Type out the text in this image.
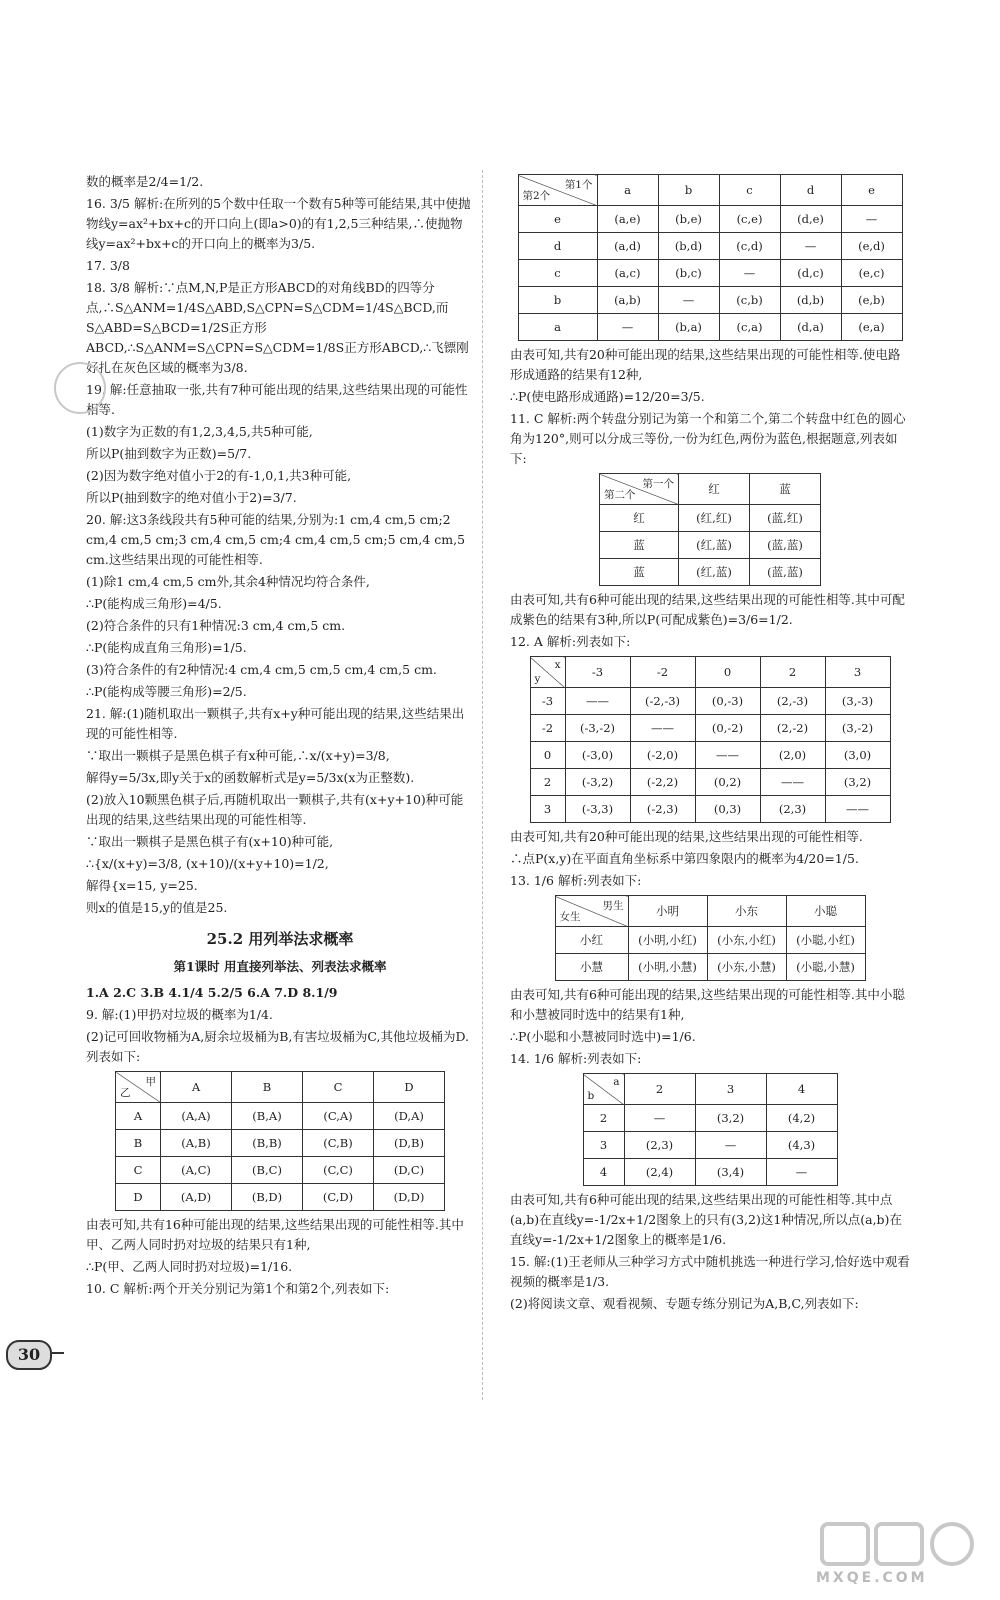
数的概率是2/4=1/2.

16. 3/5 解析:在所列的5个数中任取一个数有5种等可能结果,其中使抛物线y=ax²+bx+c的开口向上(即a>0)的有1,2,5三种结果,∴使抛物线y=ax²+bx+c的开口向上的概率为3/5.

17. 3/8

18. 3/8 解析:∵点M,N,P是正方形ABCD的对角线BD的四等分点,∴S△ANM=1/4S△ABD,S△CPN=S△CDM=1/4S△BCD,而S△ABD=S△BCD=1/2S正方形ABCD,∴S△ANM=S△CPN=S△CDM=1/8S正方形ABCD,∴飞镖刚好扎在灰色区域的概率为3/8.

19. 解:任意抽取一张,共有7种可能出现的结果,这些结果出现的可能性相等.

(1)数字为正数的有1,2,3,4,5,共5种可能,

所以P(抽到数字为正数)=5/7.

(2)因为数字绝对值小于2的有-1,0,1,共3种可能,

所以P(抽到数字的绝对值小于2)=3/7.

20. 解:这3条线段共有5种可能的结果,分别为:1 cm,4 cm,5 cm;2 cm,4 cm,5 cm;3 cm,4 cm,5 cm;4 cm,4 cm,5 cm;5 cm,4 cm,5 cm.这些结果出现的可能性相等.

(1)除1 cm,4 cm,5 cm外,其余4种情况均符合条件,

∴P(能构成三角形)=4/5.

(2)符合条件的只有1种情况:3 cm,4 cm,5 cm.

∴P(能构成直角三角形)=1/5.

(3)符合条件的有2种情况:4 cm,4 cm,5 cm,5 cm,4 cm,5 cm.

∴P(能构成等腰三角形)=2/5.

21. 解:(1)随机取出一颗棋子,共有x+y种可能出现的结果,这些结果出现的可能性相等.

∵取出一颗棋子是黑色棋子有x种可能,∴x/(x+y)=3/8,

解得y=5/3x,即y关于x的函数解析式是y=5/3x(x为正整数).

(2)放入10颗黑色棋子后,再随机取出一颗棋子,共有(x+y+10)种可能出现的结果,这些结果出现的可能性相等.

∵取出一颗棋子是黑色棋子有(x+10)种可能,

∴{x/(x+y)=3/8, (x+10)/(x+y+10)=1/2,

解得{x=15, y=25.

则x的值是15,y的值是25.

25.2 用列举法求概率
第1课时 用直接列举法、列表法求概率

1.A 2.C 3.B 4.1/4 5.2/5 6.A 7.D 8.1/9

9. 解:(1)甲扔对垃圾的概率为1/4.

(2)记可回收物桶为A,厨余垃圾桶为B,有害垃圾桶为C,其他垃圾桶为D.列表如下:

甲
乙	A	B	C	D
A	(A,A)	(B,A)	(C,A)	(D,A)
B	(A,B)	(B,B)	(C,B)	(D,B)
C	(A,C)	(B,C)	(C,C)	(D,C)
D	(A,D)	(B,D)	(C,D)	(D,D)

由表可知,共有16种可能出现的结果,这些结果出现的可能性相等.其中甲、乙两人同时扔对垃圾的结果只有1种,

∴P(甲、乙两人同时扔对垃圾)=1/16.

10. C 解析:两个开关分别记为第1个和第2个,列表如下:

第1个
第2个	a	b	c	d	e
e	(a,e)	(b,e)	(c,e)	(d,e)	—
d	(a,d)	(b,d)	(c,d)	—	(e,d)
c	(a,c)	(b,c)	—	(d,c)	(e,c)
b	(a,b)	—	(c,b)	(d,b)	(e,b)
a	—	(b,a)	(c,a)	(d,a)	(e,a)

由表可知,共有20种可能出现的结果,这些结果出现的可能性相等.使电路形成通路的结果有12种,

∴P(使电路形成通路)=12/20=3/5.

11. C 解析:两个转盘分别记为第一个和第二个,第二个转盘中红色的圆心角为120°,则可以分成三等份,一份为红色,两份为蓝色,根据题意,列表如下:

第一个
第二个	红	蓝
红	(红,红)	(蓝,红)
蓝	(红,蓝)	(蓝,蓝)
蓝	(红,蓝)	(蓝,蓝)

由表可知,共有6种可能出现的结果,这些结果出现的可能性相等.其中可配成紫色的结果有3种,所以P(可配成紫色)=3/6=1/2.

12. A 解析:列表如下:

x
y	-3	-2	0	2	3
-3	——	(-2,-3)	(0,-3)	(2,-3)	(3,-3)
-2	(-3,-2)	——	(0,-2)	(2,-2)	(3,-2)
0	(-3,0)	(-2,0)	——	(2,0)	(3,0)
2	(-3,2)	(-2,2)	(0,2)	——	(3,2)
3	(-3,3)	(-2,3)	(0,3)	(2,3)	——

由表可知,共有20种可能出现的结果,这些结果出现的可能性相等.

∴点P(x,y)在平面直角坐标系中第四象限内的概率为4/20=1/5.

13. 1/6 解析:列表如下:

男生
女生	小明	小东	小聪
小红	(小明,小红)	(小东,小红)	(小聪,小红)
小慧	(小明,小慧)	(小东,小慧)	(小聪,小慧)

由表可知,共有6种可能出现的结果,这些结果出现的可能性相等.其中小聪和小慧被同时选中的结果有1种,

∴P(小聪和小慧被同时选中)=1/6.

14. 1/6 解析:列表如下:

a
b	2	3	4
2	—	(3,2)	(4,2)
3	(2,3)	—	(4,3)
4	(2,4)	(3,4)	—

由表可知,共有6种可能出现的结果,这些结果出现的可能性相等.其中点(a,b)在直线y=-1/2x+1/2图象上的只有(3,2)这1种情况,所以点(a,b)在直线y=-1/2x+1/2图象上的概率是1/6.

15. 解:(1)王老师从三种学习方式中随机挑选一种进行学习,恰好选中观看视频的概率是1/3.

(2)将阅读文章、观看视频、专题专练分别记为A,B,C,列表如下:

30
MXQE.COM
